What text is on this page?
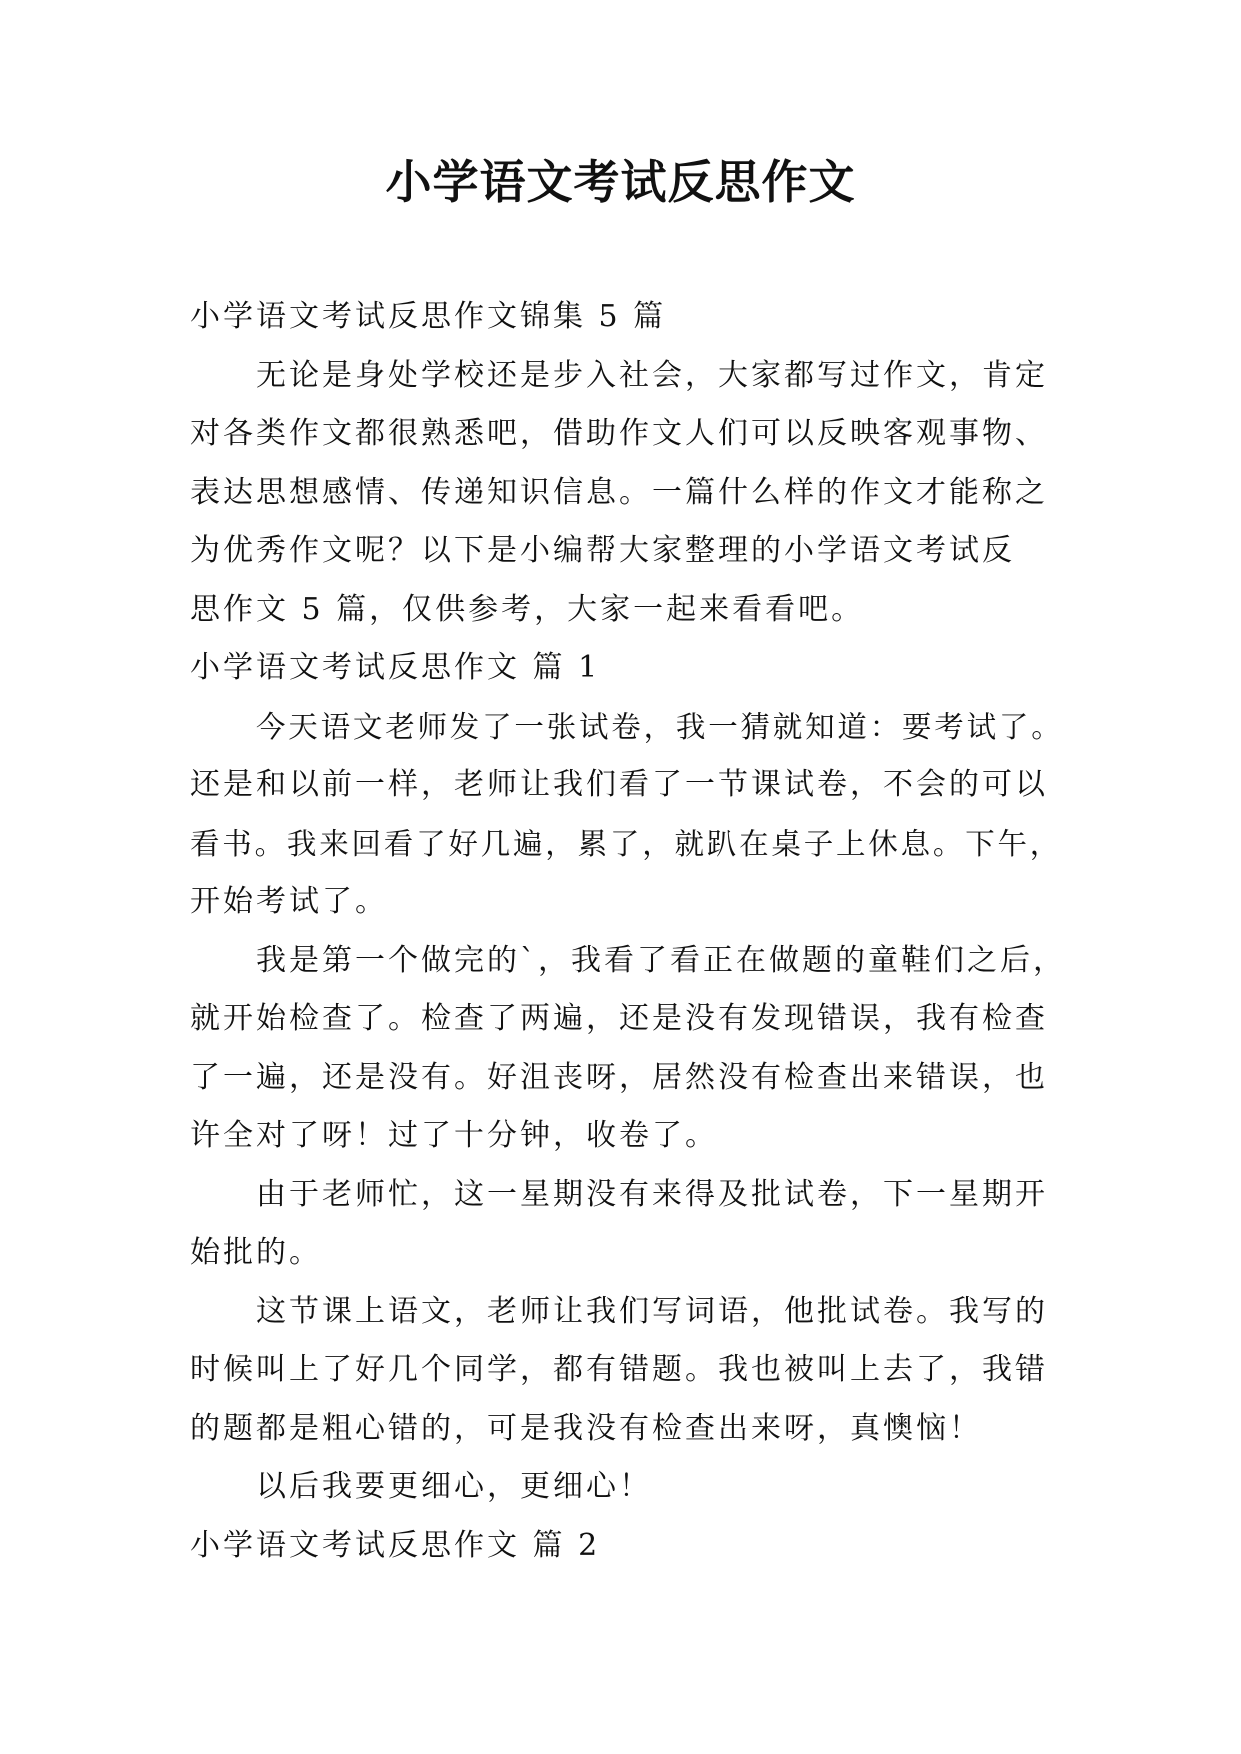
小学语文考试反思作文
小学语文考试反思作文锦集 5 篇
无论是身处学校还是步入社会，大家都写过作文，肯定
对各类作文都很熟悉吧，借助作文人们可以反映客观事物、
表达思想感情、传递知识信息。一篇什么样的作文才能称之
为优秀作文呢？以下是小编帮大家整理的小学语文考试反
思作文 5 篇，仅供参考，大家一起来看看吧。
小学语文考试反思作文 篇 1
今天语文老师发了一张试卷，我一猜就知道：要考试了。
还是和以前一样，老师让我们看了一节课试卷，不会的可以
看书。我来回看了好几遍，累了，就趴在桌子上休息。下午，
开始考试了。
我是第一个做完的`，我看了看正在做题的童鞋们之后，
就开始检查了。检查了两遍，还是没有发现错误，我有检查
了一遍，还是没有。好沮丧呀，居然没有检查出来错误，也
许全对了呀！过了十分钟，收卷了。
由于老师忙，这一星期没有来得及批试卷，下一星期开
始批的。
这节课上语文，老师让我们写词语，他批试卷。我写的
时候叫上了好几个同学，都有错题。我也被叫上去了，我错
的题都是粗心错的，可是我没有检查出来呀，真懊恼！
以后我要更细心，更细心！
小学语文考试反思作文 篇 2
